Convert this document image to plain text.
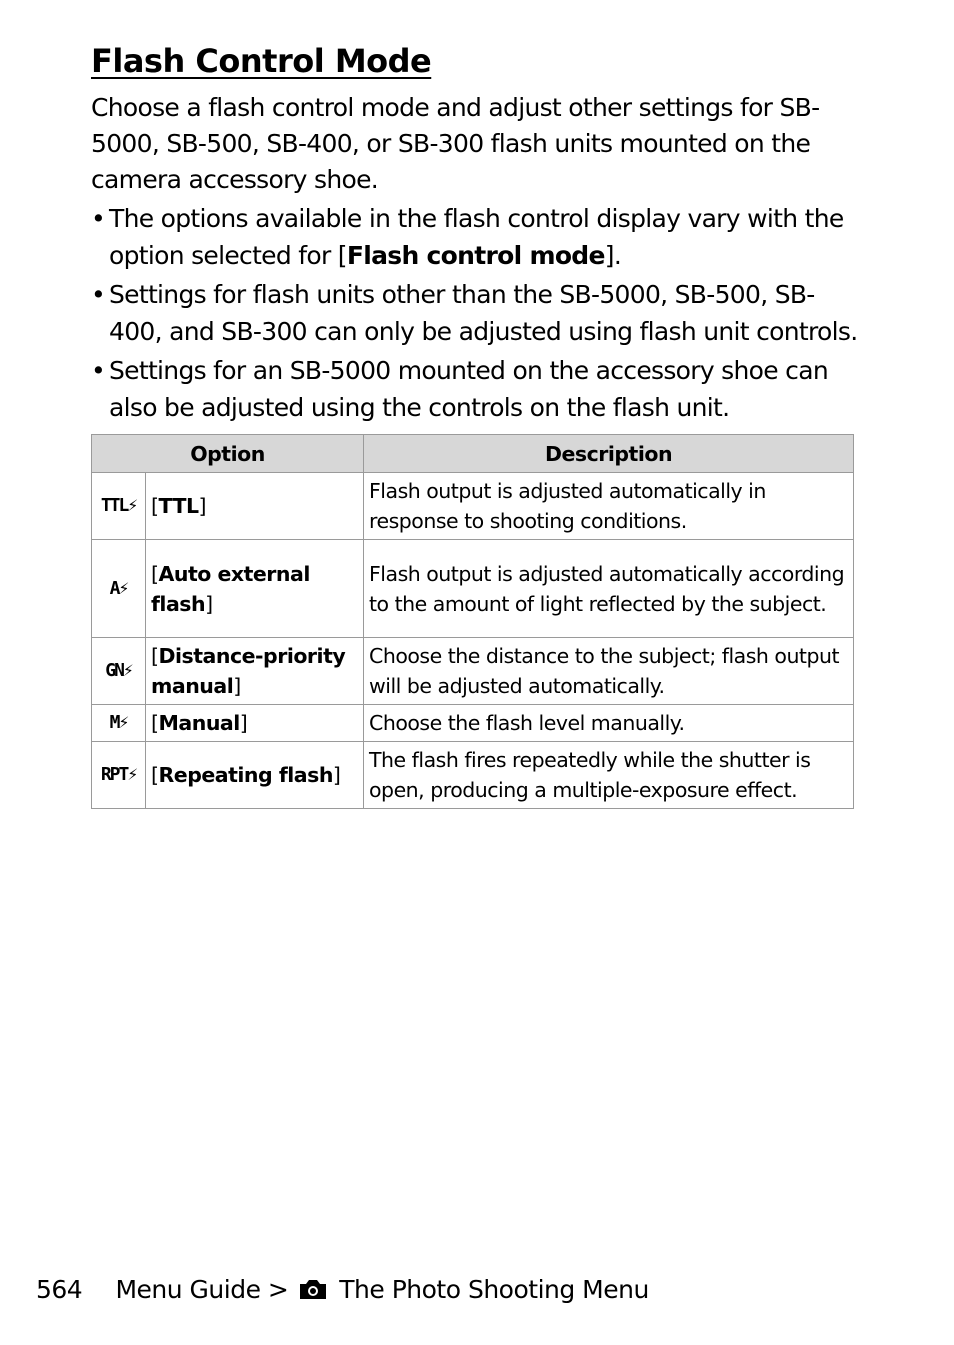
Flash Control Mode

Choose a flash control mode and adjust other settings for SB-5000, SB-500, SB-400, or SB-300 flash units mounted on the camera accessory shoe.

• The options available in the flash control display vary with the option selected for [Flash control mode].
• Settings for flash units other than the SB-5000, SB-500, SB-400, and SB-300 can only be adjusted using flash unit controls.
• Settings for an SB-5000 mounted on the accessory shoe can also be adjusted using the controls on the flash unit.
Option		Description
TTL⚡︎	[TTL]	Flash output is adjusted automatically in response to shooting conditions.
A⚡︎	[Auto external flash]	Flash output is adjusted automatically according to the amount of light reflected by the subject.
GN⚡︎	[Distance-priority manual]	Choose the distance to the subject; flash output will be adjusted automatically.
M⚡︎	[Manual]	Choose the flash level manually.
RPT⚡︎	[Repeating flash]	The flash fires repeatedly while the shutter is open, producing a multiple-exposure effect.
564 Menu Guide > The Photo Shooting Menu
